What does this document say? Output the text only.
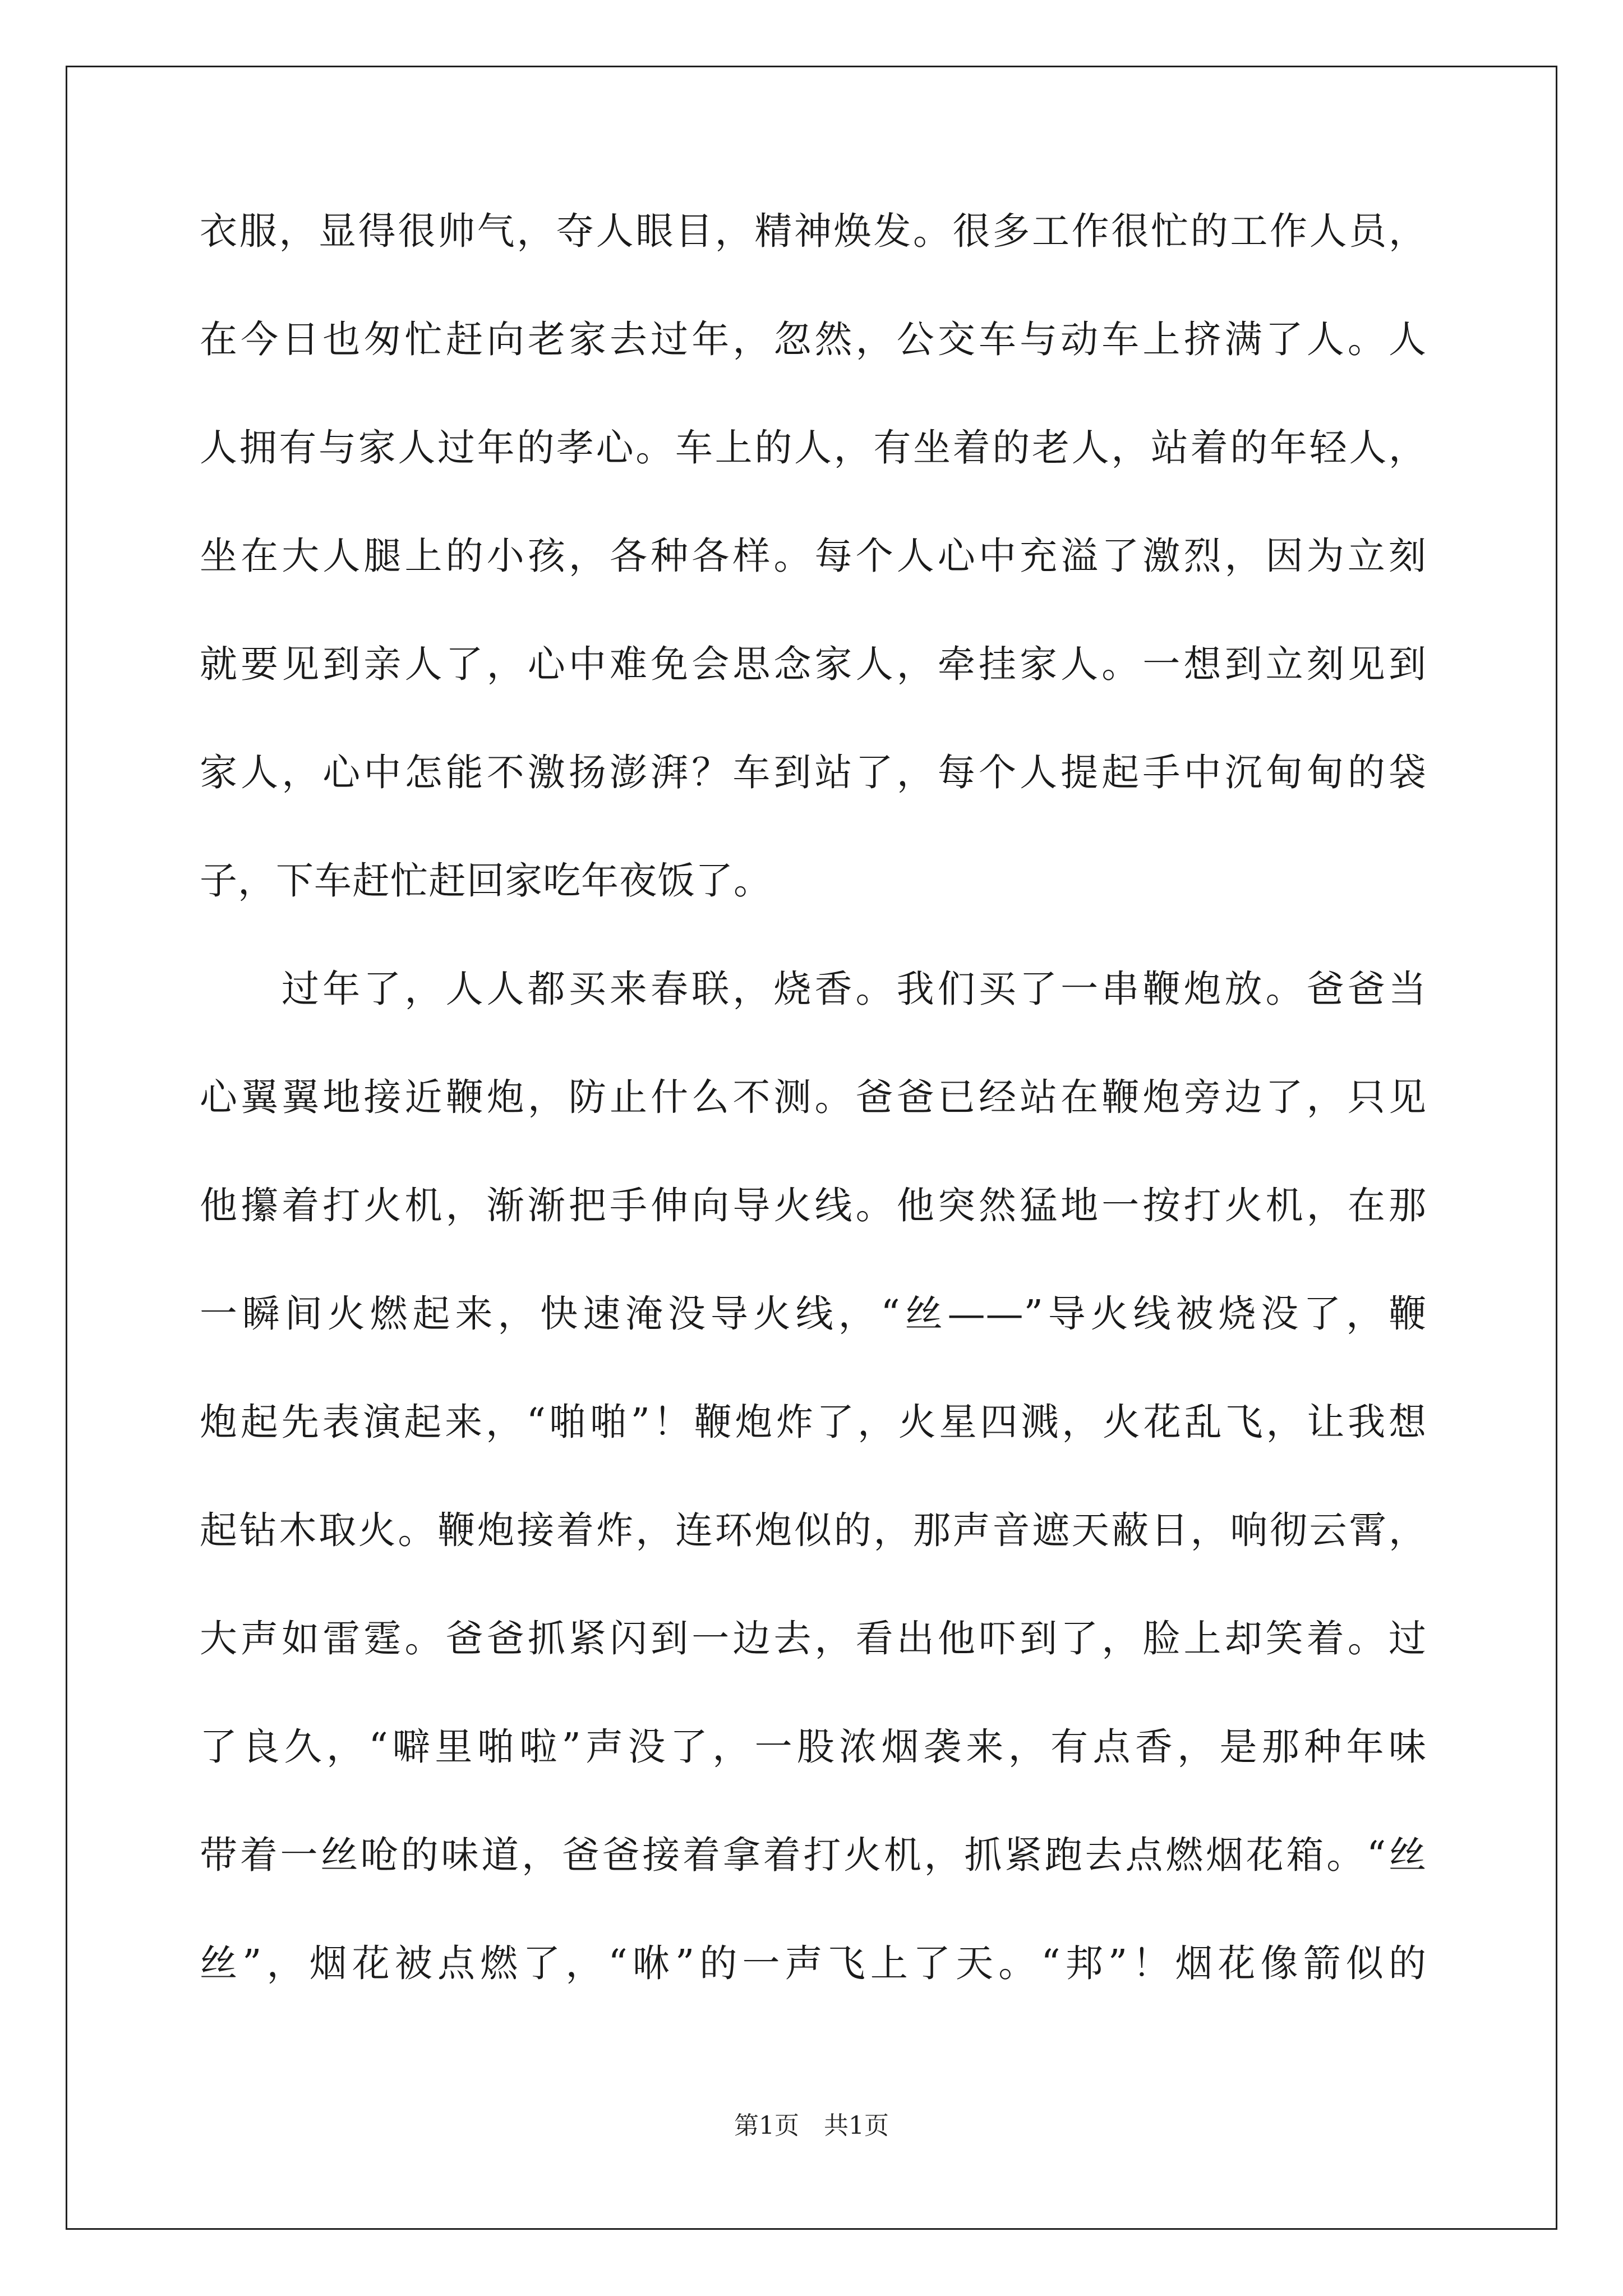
衣服，显得很帅气，夺人眼目，精神焕发。很多工作很忙的工作人员，
在今日也匆忙赶向老家去过年，忽然，公交车与动车上挤满了人。人
人拥有与家人过年的孝心。车上的人，有坐着的老人，站着的年轻人，
坐在大人腿上的小孩，各种各样。每个人心中充溢了激烈，因为立刻
就要见到亲人了，心中难免会思念家人，牵挂家人。一想到立刻见到
家人，心中怎能不激扬澎湃？车到站了，每个人提起手中沉甸甸的袋
子，下车赶忙赶回家吃年夜饭了。
过年了，人人都买来春联，烧香。我们买了一串鞭炮放。爸爸当
心翼翼地接近鞭炮，防止什么不测。爸爸已经站在鞭炮旁边了，只见
他攥着打火机，渐渐把手伸向导火线。他突然猛地一按打火机，在那
一瞬间火燃起来，快速淹没导火线，“丝——”导火线被烧没了，鞭
炮起先表演起来，“啪啪”！鞭炮炸了，火星四溅，火花乱飞，让我想
起钻木取火。鞭炮接着炸，连环炮似的，那声音遮天蔽日，响彻云霄，
大声如雷霆。爸爸抓紧闪到一边去，看出他吓到了，脸上却笑着。过
了良久，“噼里啪啦”声没了，一股浓烟袭来，有点香，是那种年味
带着一丝呛的味道，爸爸接着拿着打火机，抓紧跑去点燃烟花箱。“丝
丝”，烟花被点燃了，“咻”的一声飞上了天。“邦”！烟花像箭似的
第1页　共1页
